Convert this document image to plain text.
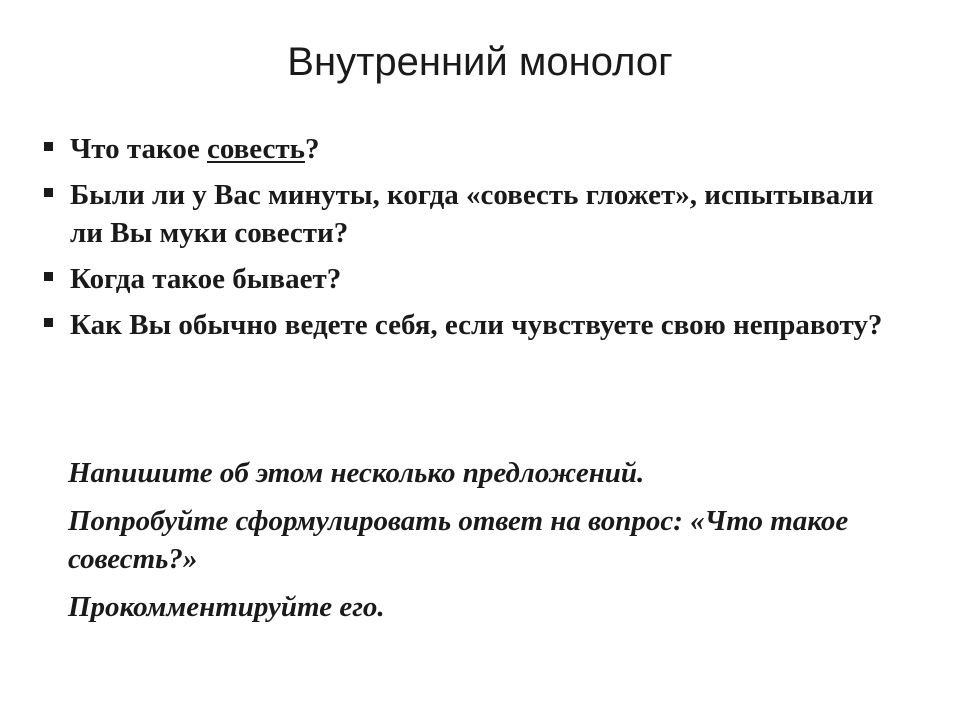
Внутренний монолог
Что такое совесть?
Были ли у Вас минуты, когда «совесть гложет», испытывали ли Вы муки совести?
Когда такое бывает?
Как Вы обычно ведете себя, если чувствуете свою неправоту?

Напишите об этом несколько предложений.

Попробуйте сформулировать ответ на вопрос: «Что такое совесть?»

Прокомментируйте его.
